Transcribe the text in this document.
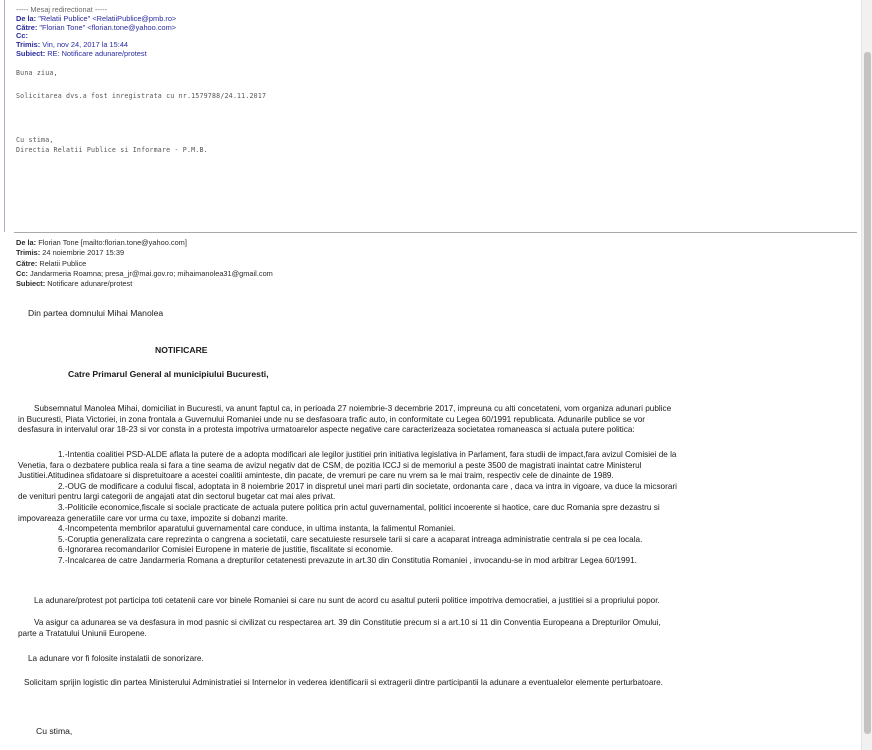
----- Mesaj redirectionat -----
De la: "Relatii Publice" <RelatiiPublice@pmb.ro>
Către: "Florian Tone" <florian.tone@yahoo.com>
Cc:
Trimis: Vin, nov 24, 2017 la 15:44
Subiect: RE: Notificare adunare/protest
Buna ziua,
Solicitarea dvs.a fost inregistrata cu nr.1579788/24.11.2017
Cu stima,
Directia Relatii Publice si Informare - P.M.B.
De la: Florian Tone [mailto:florian.tone@yahoo.com]
Trimis: 24 noiembrie 2017 15:39
Către: Relatii Publice
Cc: Jandarmeria Roamna; presa_jr@mai.gov.ro; mihaimanolea31@gmail.com
Subiect: Notificare adunare/protest
Din partea domnului Mihai Manolea
NOTIFICARE
Catre Primarul General al municipiului Bucuresti,
Subsemnatul Manolea Mihai, domiciliat in Bucuresti, va anunt faptul ca, in perioada 27 noiembrie-3 decembrie 2017, impreuna cu alti concetateni, vom organiza adunari publice
in Bucuresti, Piata Victoriei, in zona frontala a Guvernului Romaniei unde nu se desfasoara trafic auto, in conformitate cu Legea 60/1991 republicata. Adunarile publice se vor
desfasura in intervalul orar 18-23 si vor consta in a protesta impotriva urmatoarelor aspecte negative care caracterizeaza societatea romaneasca si actuala putere politica:
1.-Intentia coalitiei PSD-ALDE aflata la putere de a adopta modificari ale legilor justitiei prin initiativa legislativa in Parlament, fara studii de impact,fara avizul Comisiei de la
Venetia, fara o dezbatere publica reala si fara a tine seama de avizul negativ dat de CSM, de pozitia ICCJ si de memoriul a peste 3500 de magistrati inaintat catre Ministerul
Justitiei.Atitudinea sfidatoare si dispretuitoare a acestei coalitii aminteste, din pacate, de vremuri pe care nu vrem sa le mai traim, respectiv cele de dinainte de 1989.
2.-OUG de modificare a codului fiscal, adoptata in 8 noiembrie 2017 in dispretul unei mari parti din societate, ordonanta care , daca va intra in vigoare, va duce la micsorari
de venituri pentru largi categorii de angajati atat din sectorul bugetar cat mai ales privat.
3.-Politicile economice,fiscale si sociale practicate de actuala putere politica prin actul guvernamental, politici incoerente si haotice, care duc Romania spre dezastru si
impovareaza generatiile care vor urma cu taxe, impozite si dobanzi marite.
4.-Incompetenta membrilor aparatului guvernamental care conduce, in ultima instanta, la falimentul Romaniei.
5.-Coruptia generalizata care reprezinta o cangrena a societatii, care secatuieste resursele tarii si care a acaparat intreaga administratie centrala si pe cea locala.
6.-Ignorarea recomandarilor Comisiei Europene in materie de justitie, fiscalitate si economie.
7.-Incalcarea de catre Jandarmeria Romana a drepturilor cetatenesti prevazute in art.30 din Constitutia Romaniei , invocandu-se in mod arbitrar Legea 60/1991.
La adunare/protest pot participa toti cetatenii care vor binele Romaniei si care nu sunt de acord cu asaltul puterii politice impotriva democratiei, a justitiei si a propriului popor.
Va asigur ca adunarea se va desfasura in mod pasnic si civilizat cu respectarea art. 39 din Constitutie precum si a art.10 si 11 din Conventia Europeana a Drepturilor Omului,
parte a Tratatului Uniunii Europene.
La adunare vor fi folosite instalatii de sonorizare.
Solicitam sprijin logistic din partea Ministerului Administratiei si Internelor in vederea identificarii si extragerii dintre participantii la adunare a eventualelor elemente perturbatoare.
Cu stima,
